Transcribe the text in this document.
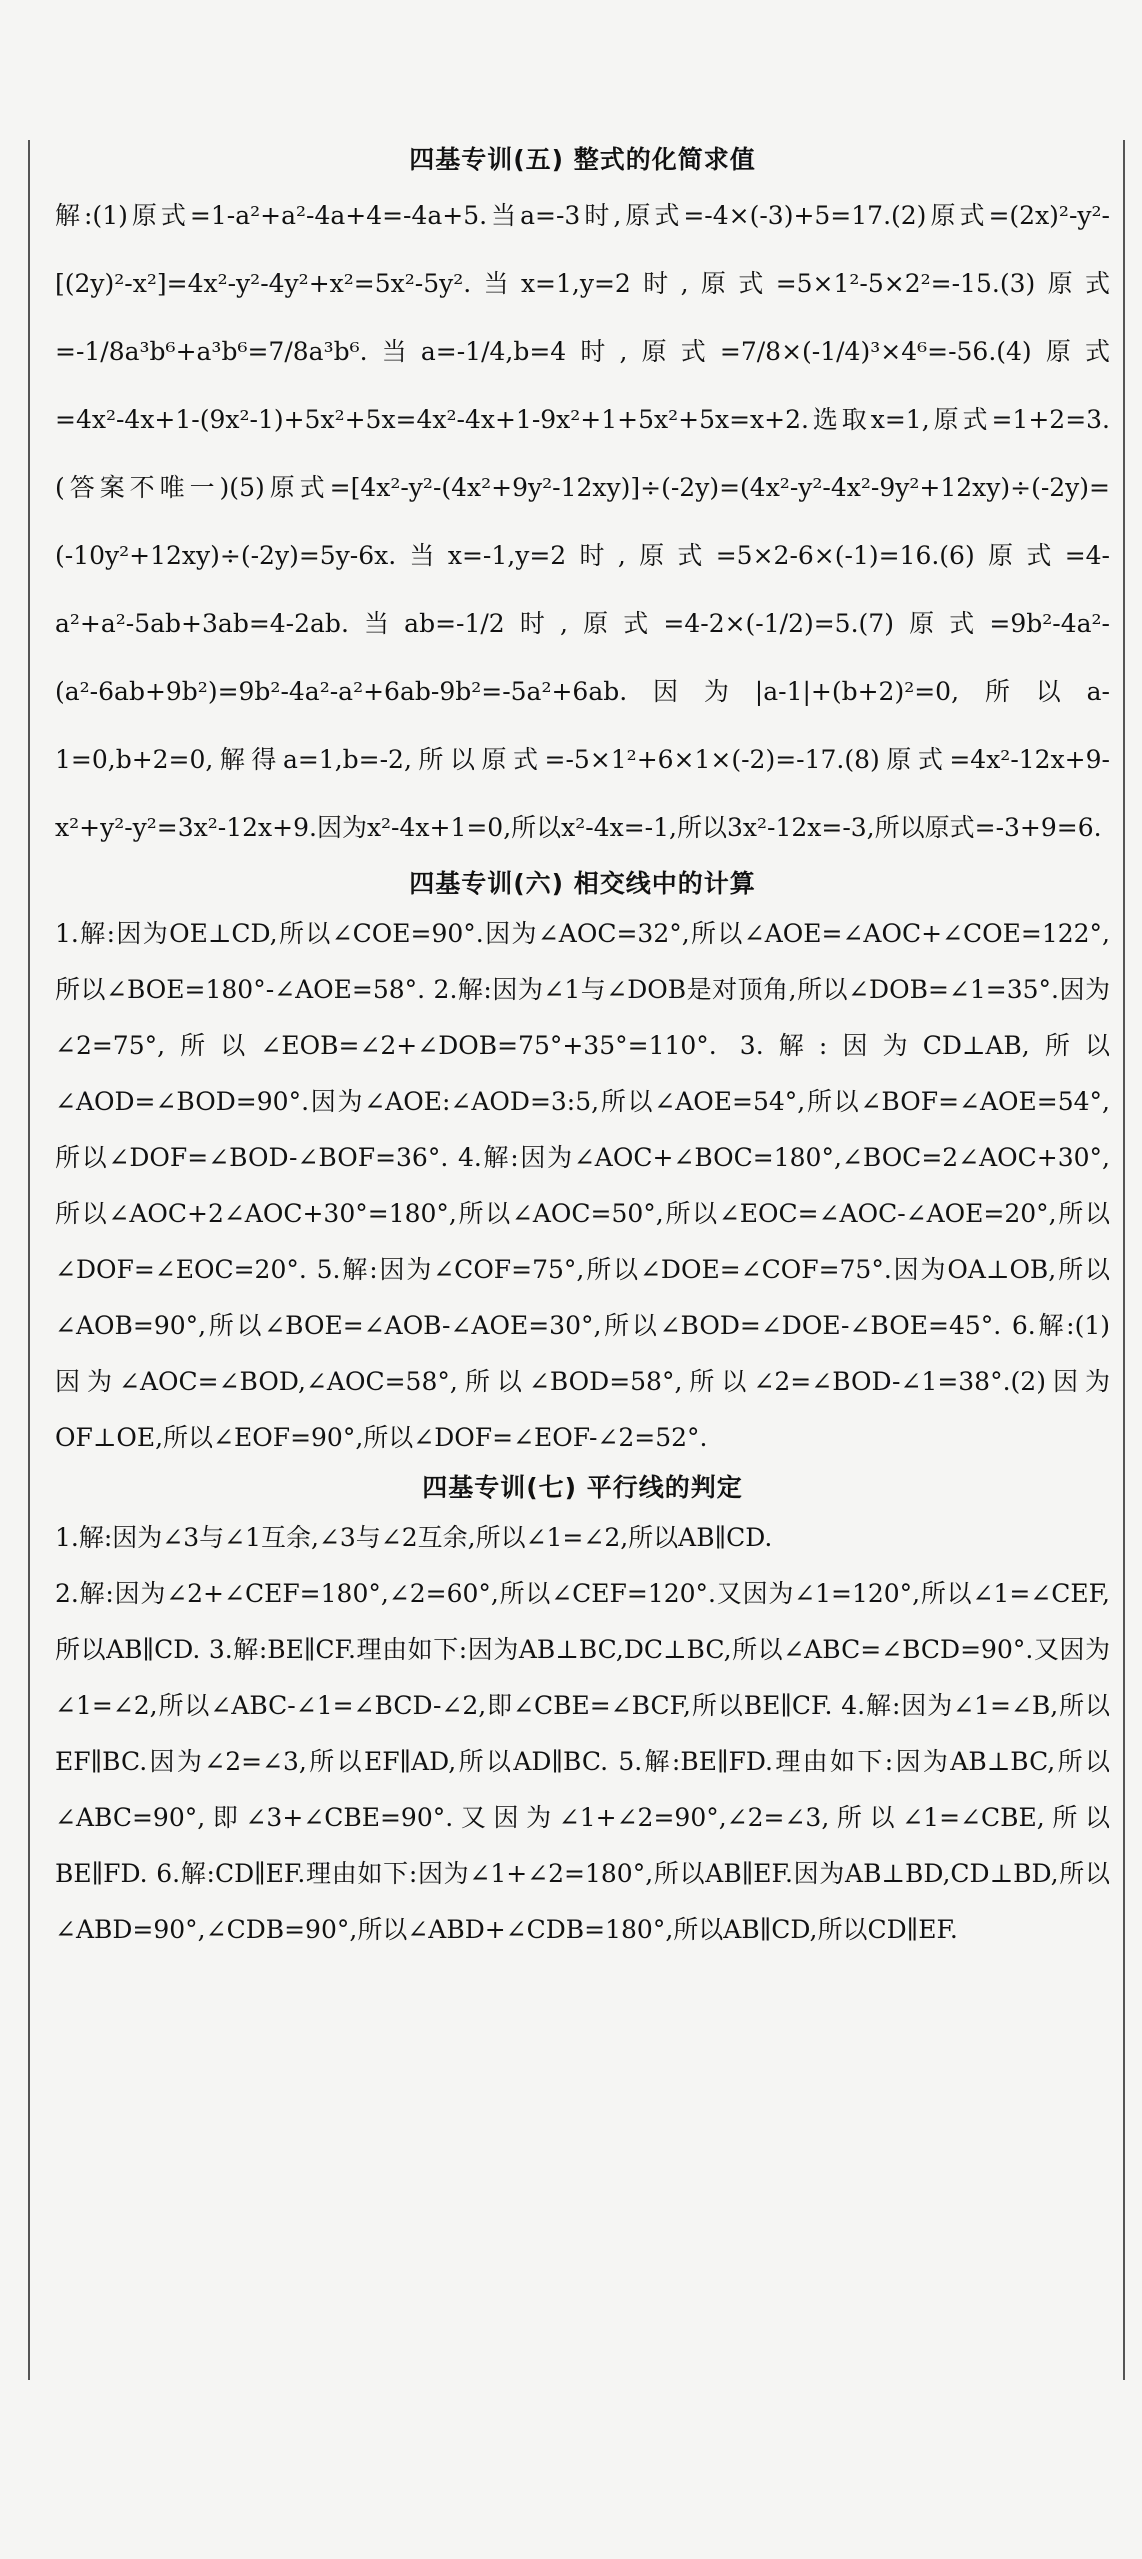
四基专训(五) 整式的化简求值

解:(1)原式=1-a²+a²-4a+4=-4a+5.当a=-3时,原式=-4×(-3)+5=17.(2)原式=(2x)²-y²-[(2y)²-x²]=4x²-y²-4y²+x²=5x²-5y².当x=1,y=2时,原式=5×1²-5×2²=-15.(3)原式=-1/8a³b⁶+a³b⁶=7/8a³b⁶.当a=-1/4,b=4时,原式=7/8×(-1/4)³×4⁶=-56.(4)原式=4x²-4x+1-(9x²-1)+5x²+5x=4x²-4x+1-9x²+1+5x²+5x=x+2.选取x=1,原式=1+2=3.(答案不唯一)(5)原式=[4x²-y²-(4x²+9y²-12xy)]÷(-2y)=(4x²-y²-4x²-9y²+12xy)÷(-2y)=(-10y²+12xy)÷(-2y)=5y-6x.当x=-1,y=2时,原式=5×2-6×(-1)=16.(6)原式=4-a²+a²-5ab+3ab=4-2ab.当ab=-1/2时,原式=4-2×(-1/2)=5.(7)原式=9b²-4a²-(a²-6ab+9b²)=9b²-4a²-a²+6ab-9b²=-5a²+6ab.因为|a-1|+(b+2)²=0,所以a-1=0,b+2=0,解得a=1,b=-2,所以原式=-5×1²+6×1×(-2)=-17.(8)原式=4x²-12x+9-x²+y²-y²=3x²-12x+9.因为x²-4x+1=0,所以x²-4x=-1,所以3x²-12x=-3,所以原式=-3+9=6.

四基专训(六) 相交线中的计算

1.解:因为OE⊥CD,所以∠COE=90°.因为∠AOC=32°,所以∠AOE=∠AOC+∠COE=122°,所以∠BOE=180°-∠AOE=58°. 2.解:因为∠1与∠DOB是对顶角,所以∠DOB=∠1=35°.因为∠2=75°,所以∠EOB=∠2+∠DOB=75°+35°=110°. 3.解:因为CD⊥AB,所以∠AOD=∠BOD=90°.因为∠AOE:∠AOD=3:5,所以∠AOE=54°,所以∠BOF=∠AOE=54°,所以∠DOF=∠BOD-∠BOF=36°. 4.解:因为∠AOC+∠BOC=180°,∠BOC=2∠AOC+30°,所以∠AOC+2∠AOC+30°=180°,所以∠AOC=50°,所以∠EOC=∠AOC-∠AOE=20°,所以∠DOF=∠EOC=20°. 5.解:因为∠COF=75°,所以∠DOE=∠COF=75°.因为OA⊥OB,所以∠AOB=90°,所以∠BOE=∠AOB-∠AOE=30°,所以∠BOD=∠DOE-∠BOE=45°. 6.解:(1)因为∠AOC=∠BOD,∠AOC=58°,所以∠BOD=58°,所以∠2=∠BOD-∠1=38°.(2)因为OF⊥OE,所以∠EOF=90°,所以∠DOF=∠EOF-∠2=52°.

四基专训(七) 平行线的判定

1.解:因为∠3与∠1互余,∠3与∠2互余,所以∠1=∠2,所以AB∥CD.

2.解:因为∠2+∠CEF=180°,∠2=60°,所以∠CEF=120°.又因为∠1=120°,所以∠1=∠CEF,所以AB∥CD. 3.解:BE∥CF.理由如下:因为AB⊥BC,DC⊥BC,所以∠ABC=∠BCD=90°.又因为∠1=∠2,所以∠ABC-∠1=∠BCD-∠2,即∠CBE=∠BCF,所以BE∥CF. 4.解:因为∠1=∠B,所以EF∥BC.因为∠2=∠3,所以EF∥AD,所以AD∥BC. 5.解:BE∥FD.理由如下:因为AB⊥BC,所以∠ABC=90°,即∠3+∠CBE=90°.又因为∠1+∠2=90°,∠2=∠3,所以∠1=∠CBE,所以BE∥FD. 6.解:CD∥EF.理由如下:因为∠1+∠2=180°,所以AB∥EF.因为AB⊥BD,CD⊥BD,所以∠ABD=90°,∠CDB=90°,所以∠ABD+∠CDB=180°,所以AB∥CD,所以CD∥EF.
